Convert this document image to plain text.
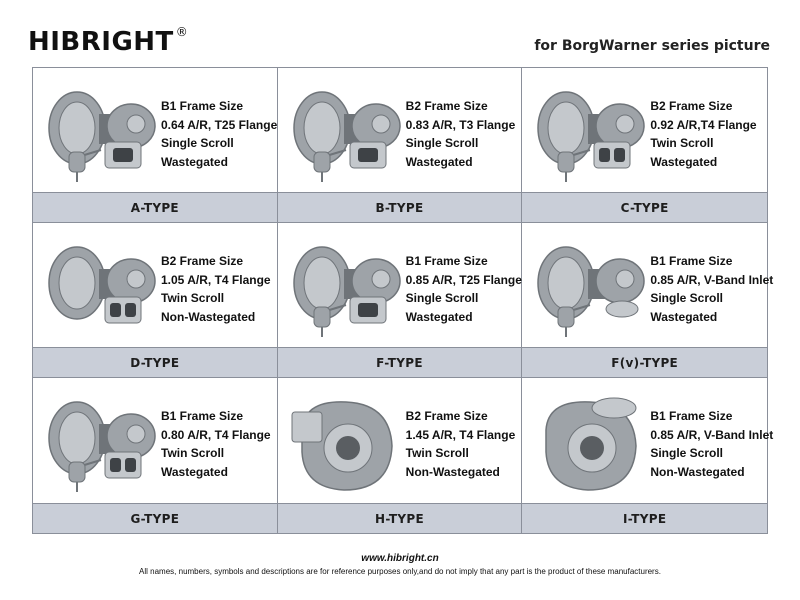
HIBRIGHT ®
for BorgWarner series picture
B1 Frame Size
0.64 A/R, T25 Flange
Single Scroll
Wastegated
A-TYPE
B2 Frame Size
0.83 A/R, T3 Flange
Single Scroll
Wastegated
B-TYPE
B2 Frame Size
0.92 A/R,T4 Flange
Twin Scroll
Wastegated
C-TYPE
B2 Frame Size
1.05 A/R, T4 Flange
Twin Scroll
Non-Wastegated
D-TYPE
B1 Frame Size
0.85 A/R, T25 Flange
Single Scroll
Wastegated
F-TYPE
B1 Frame Size
0.85 A/R, V-Band Inlet
Single Scroll
Wastegated
F(v)-TYPE
B1 Frame Size
0.80 A/R, T4 Flange
Twin Scroll
Wastegated
G-TYPE
B2 Frame Size
1.45 A/R, T4 Flange
Twin Scroll
Non-Wastegated
H-TYPE
B1 Frame Size
0.85 A/R, V-Band Inlet
Single Scroll
Non-Wastegated
I-TYPE
www.hibright.cn
All names, numbers, symbols and descriptions are for reference purposes only,and do not imply that any part is the product of these manufacturers.
